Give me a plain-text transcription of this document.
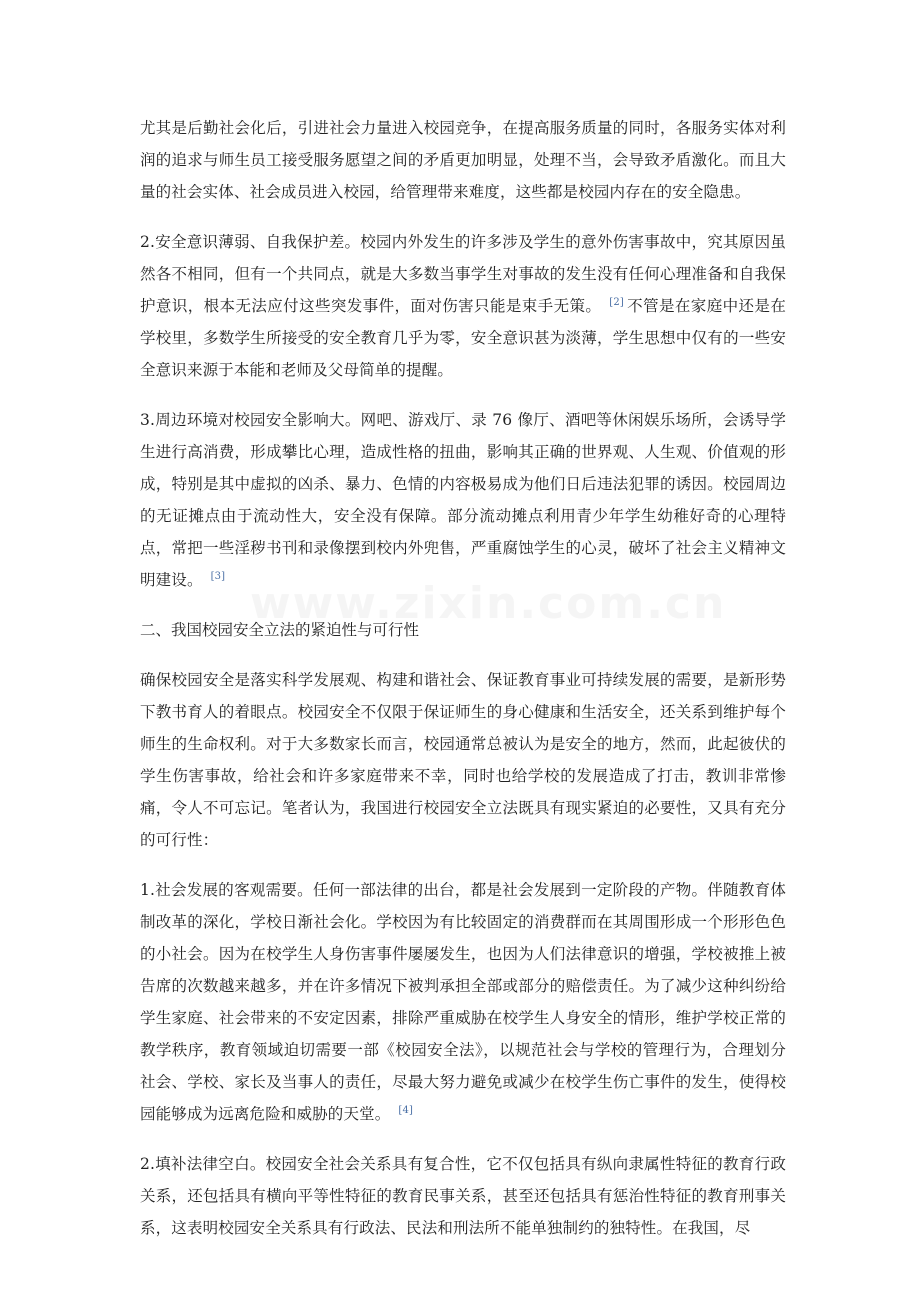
www.zixin.com.cn

尤其是后勤社会化后，引进社会力量进入校园竞争，在提高服务质量的同时，各服务实体对利润的追求与师生员工接受服务愿望之间的矛盾更加明显，处理不当，会导致矛盾激化。而且大量的社会实体、社会成员进入校园，给管理带来难度，这些都是校园内存在的安全隐患。

2.安全意识薄弱、自我保护差。校园内外发生的许多涉及学生的意外伤害事故中，究其原因虽然各不相同，但有一个共同点，就是大多数当事学生对事故的发生没有任何心理准备和自我保护意识，根本无法应付这些突发事件，面对伤害只能是束手无策。 [2] 不管是在家庭中还是在学校里，多数学生所接受的安全教育几乎为零，安全意识甚为淡薄，学生思想中仅有的一些安全意识来源于本能和老师及父母简单的提醒。

3.周边环境对校园安全影响大。网吧、游戏厅、录 76 像厅、酒吧等休闲娱乐场所，会诱导学生进行高消费，形成攀比心理，造成性格的扭曲，影响其正确的世界观、人生观、价值观的形成，特别是其中虚拟的凶杀、暴力、色情的内容极易成为他们日后违法犯罪的诱因。校园周边的无证摊点由于流动性大，安全没有保障。部分流动摊点利用青少年学生幼稚好奇的心理特点，常把一些淫秽书刊和录像摆到校内外兜售，严重腐蚀学生的心灵，破坏了社会主义精神文明建设。 [3]

二、我国校园安全立法的紧迫性与可行性

确保校园安全是落实科学发展观、构建和谐社会、保证教育事业可持续发展的需要，是新形势下教书育人的着眼点。校园安全不仅限于保证师生的身心健康和生活安全，还关系到维护每个师生的生命权利。对于大多数家长而言，校园通常总被认为是安全的地方，然而，此起彼伏的学生伤害事故，给社会和许多家庭带来不幸，同时也给学校的发展造成了打击，教训非常惨痛，令人不可忘记。笔者认为，我国进行校园安全立法既具有现实紧迫的必要性，又具有充分的可行性：

1.社会发展的客观需要。任何一部法律的出台，都是社会发展到一定阶段的产物。伴随教育体制改革的深化，学校日渐社会化。学校因为有比较固定的消费群而在其周围形成一个形形色色的小社会。因为在校学生人身伤害事件屡屡发生，也因为人们法律意识的增强，学校被推上被告席的次数越来越多，并在许多情况下被判承担全部或部分的赔偿责任。为了减少这种纠纷给学生家庭、社会带来的不安定因素，排除严重威胁在校学生人身安全的情形，维护学校正常的教学秩序，教育领域迫切需要一部《校园安全法》，以规范社会与学校的管理行为，合理划分社会、学校、家长及当事人的责任，尽最大努力避免或减少在校学生伤亡事件的发生，使得校园能够成为远离危险和威胁的天堂。 [4]

2.填补法律空白。校园安全社会关系具有复合性，它不仅包括具有纵向隶属性特征的教育行政关系，还包括具有横向平等性特征的教育民事关系，甚至还包括具有惩治性特征的教育刑事关系，这表明校园安全关系具有行政法、民法和刑法所不能单独制约的独特性。在我国，尽
